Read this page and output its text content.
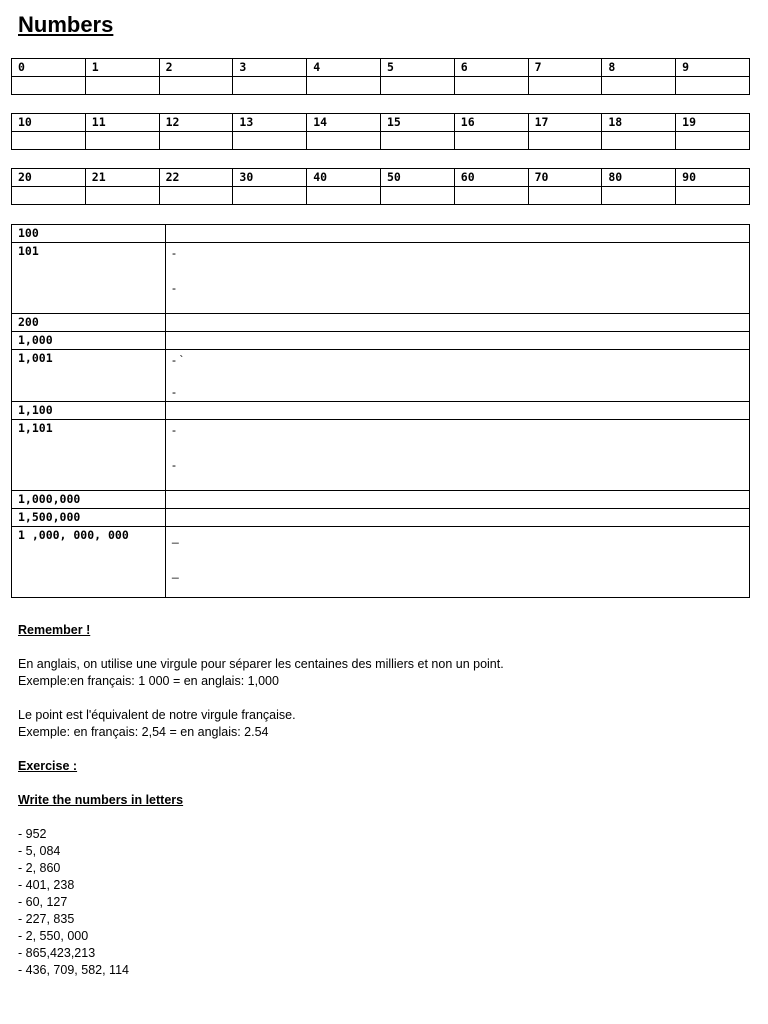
Numbers
0	1	2	3	4	5	6	7	8	9

10	11	12	13	14	15	16	17	18	19

20	21	22	30	40	50	60	70	80	90

100	
101	-
-

200	
1,000	
1,001	- `
-

1,100	
1,101	-
-

1,000,000	
1,500,000	
1 ,000, 000, 000	_
_

Remember !

En anglais, on utilise une virgule pour séparer les centaines des milliers et non un point.

Exemple:en français: 1 000 = en anglais: 1,000

Le point est l'équivalent de notre virgule française.

Exemple: en français: 2,54 = en anglais: 2.54

Exercise :

Write the numbers in letters

- 952
- 5, 084
- 2, 860
- 401, 238
- 60, 127
- 227, 835
- 2, 550, 000
- 865,423,213
- 436, 709, 582, 114
